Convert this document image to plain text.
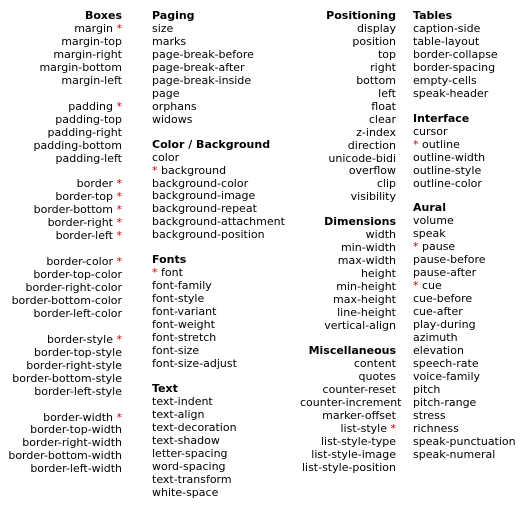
Boxes
margin *
margin-top
margin-right
margin-bottom
margin-left
padding *
padding-top
padding-right
padding-bottom
padding-left
border *
border-top *
border-bottom *
border-right *
border-left *
border-color *
border-top-color
border-right-color
border-bottom-color
border-left-color
border-style *
border-top-style
border-right-style
border-bottom-style
border-left-style
border-width *
border-top-width
border-right-width
border-bottom-width
border-left-width
Paging
size
marks
page-break-before
page-break-after
page-break-inside
page
orphans
widows
Color / Background
color
* background
background-color
background-image
background-repeat
background-attachment
background-position
Fonts
* font
font-family
font-style
font-variant
font-weight
font-stretch
font-size
font-size-adjust
Text
text-indent
text-align
text-decoration
text-shadow
letter-spacing
word-spacing
text-transform
white-space
Positioning
display
position
top
right
bottom
left
float
clear
z-index
direction
unicode-bidi
overflow
clip
visibility
Dimensions
width
min-width
max-width
height
min-height
max-height
line-height
vertical-align
Miscellaneous
content
quotes
counter-reset
counter-increment
marker-offset
list-style *
list-style-type
list-style-image
list-style-position
Tables
caption-side
table-layout
border-collapse
border-spacing
empty-cells
speak-header
Interface
cursor
* outline
outline-width
outline-style
outline-color
Aural
volume
speak
* pause
pause-before
pause-after
* cue
cue-before
cue-after
play-during
azimuth
elevation
speech-rate
voice-family
pitch
pitch-range
stress
richness
speak-punctuation
speak-numeral
